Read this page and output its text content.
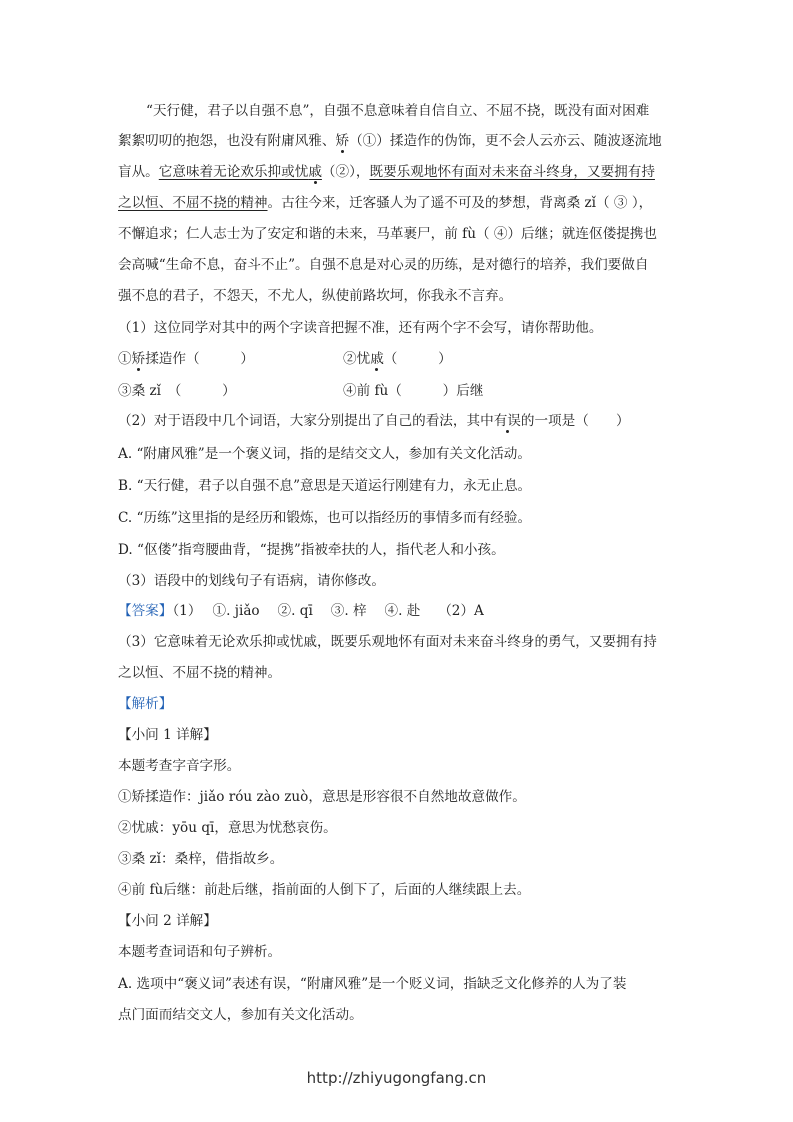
“天行健，君子以自强不息”，自强不息意味着自信自立、不屈不挠，既没有面对困难
絮絮叨叨的抱怨，也没有附庸风雅、矫（①）揉造作的伪饰，更不会人云亦云、随波逐流地
盲从。它意味着无论欢乐抑或忧戚（②），既要乐观地怀有面对未来奋斗终身，又要拥有持
之以恒、不屈不挠的精神。古往今来，迁客骚人为了遥不可及的梦想，背离桑 zǐ（ ③ ），
不懈追求；仁人志士为了安定和谐的未来，马革裹尸，前 fù（ ④）后继；就连伛偻提携也
会高喊“生命不息，奋斗不止”。自强不息是对心灵的历练，是对德行的培养，我们要做自
强不息的君子，不怨天，不尤人，纵使前路坎坷，你我永不言弃。
（1）这位同学对其中的两个字读音把握不准，还有两个字不会写，请你帮助他。
①矫揉造作（　　　）	②忧戚（　　　）
③桑 zǐ　（　　　）	④前 fù（　　　）后继
（2）对于语段中几个词语，大家分别提出了自己的看法，其中有误的一项是（　　）
A. “附庸风雅”是一个褒义词，指的是结交文人，参加有关文化活动。
B. “天行健，君子以自强不息”意思是天道运行刚建有力，永无止息。
C. “历练”这里指的是经历和锻炼，也可以指经历的事情多而有经验。
D. “伛偻”指弯腰曲背，“提携”指被牵扶的人，指代老人和小孩。
（3）语段中的划线句子有语病，请你修改。
【答案】（1）　 ①. jiǎo　 ②. qī　 ③. 梓　 ④. 赴　 （2）A
（3）它意味着无论欢乐抑或忧戚，既要乐观地怀有面对未来奋斗终身的勇气，又要拥有持
之以恒、不屈不挠的精神。
【解析】
【小问 1 详解】
本题考查字音字形。
①矫揉造作：jiǎo róu zào zuò，意思是形容很不自然地故意做作。
②忧戚：yōu qī，意思为忧愁哀伤。
③桑 zǐ：桑梓，借指故乡。
④前 fù后继：前赴后继，指前面的人倒下了，后面的人继续跟上去。
【小问 2 详解】
本题考查词语和句子辨析。
A. 选项中“褒义词”表述有误，“附庸风雅”是一个贬义词，指缺乏文化修养的人为了装
点门面而结交文人，参加有关文化活动。
http://zhiyugongfang.cn
